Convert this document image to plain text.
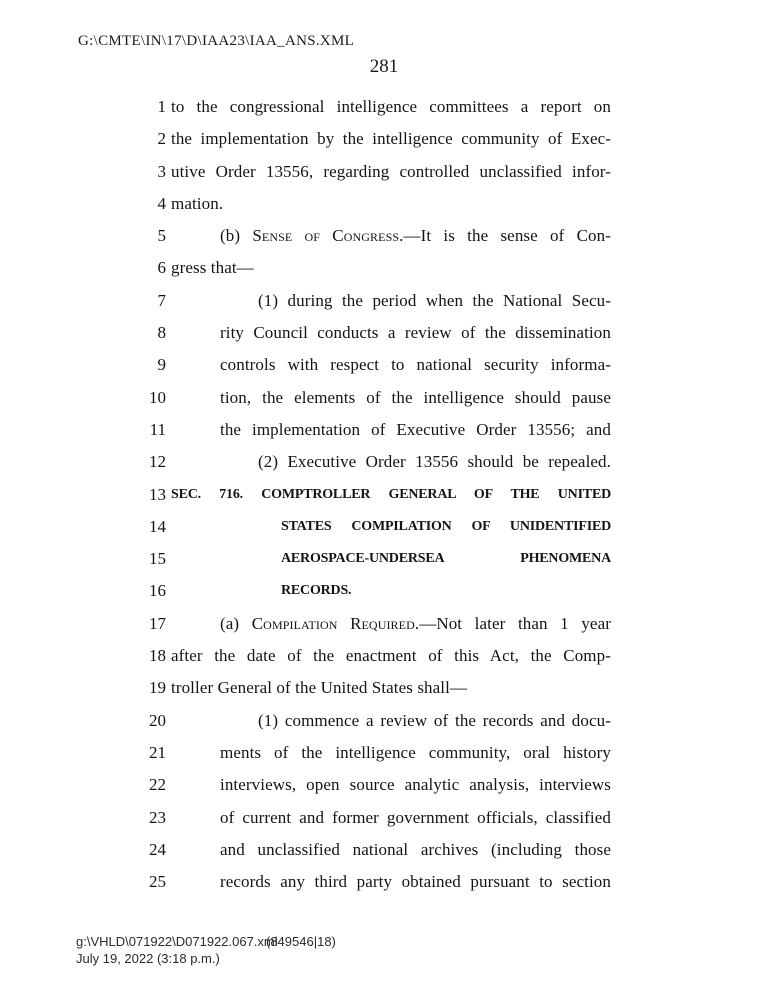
G:\CMTE\IN\17\D\IAA23\IAA_ANS.XML
281
1 to the congressional intelligence committees a report on
2 the implementation by the intelligence community of Exec-
3 utive Order 13556, regarding controlled unclassified infor-
4 mation.
5	(b) Sense of Congress.—It is the sense of Con-
6 gress that—
7	(1) during the period when the National Secu-
8	rity Council conducts a review of the dissemination
9	controls with respect to national security informa-
10	tion, the elements of the intelligence should pause
11	the implementation of Executive Order 13556; and
12	(2) Executive Order 13556 should be repealed.
13 SEC. 716. COMPTROLLER GENERAL OF THE UNITED
14	STATES COMPILATION OF UNIDENTIFIED
15	AEROSPACE-UNDERSEA PHENOMENA
16	RECORDS.
17	(a) Compilation Required.—Not later than 1 year
18 after the date of the enactment of this Act, the Comp-
19 troller General of the United States shall—
20	(1) commence a review of the records and docu-
21	ments of the intelligence community, oral history
22	interviews, open source analytic analysis, interviews
23	of current and former government officials, classified
24	and unclassified national archives (including those
25	records any third party obtained pursuant to section
g:\VHLD\071922\D071922.067.xml
(849546|18)
July 19, 2022 (3:18 p.m.)
